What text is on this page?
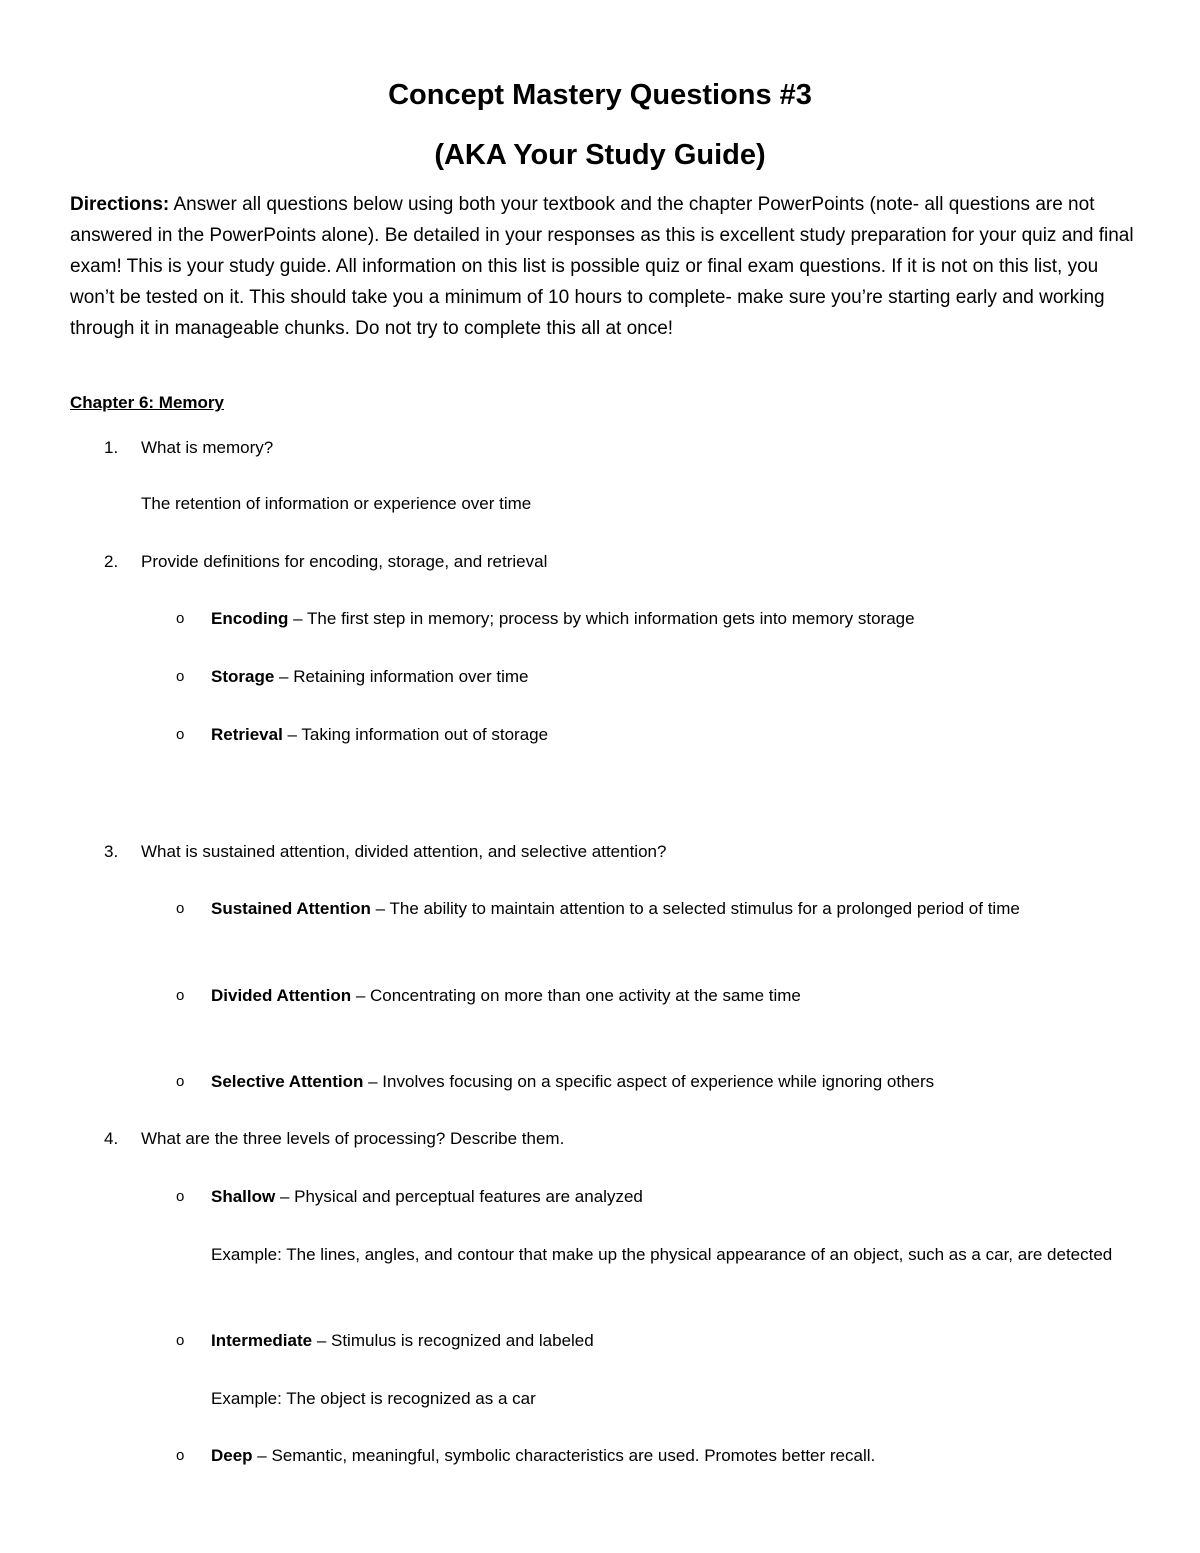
Concept Mastery Questions #3
(AKA Your Study Guide)
Directions: Answer all questions below using both your textbook and the chapter PowerPoints (note- all questions are not answered in the PowerPoints alone). Be detailed in your responses as this is excellent study preparation for your quiz and final exam! This is your study guide. All information on this list is possible quiz or final exam questions. If it is not on this list, you won’t be tested on it. This should take you a minimum of 10 hours to complete- make sure you’re starting early and working through it in manageable chunks. Do not try to complete this all at once!
Chapter 6: Memory
1. What is memory?
The retention of information or experience over time
2. Provide definitions for encoding, storage, and retrieval
o Encoding – The first step in memory; process by which information gets into memory storage
o Storage – Retaining information over time
o Retrieval – Taking information out of storage
3. What is sustained attention, divided attention, and selective attention?
o Sustained Attention – The ability to maintain attention to a selected stimulus for a prolonged period of time
o Divided Attention – Concentrating on more than one activity at the same time
o Selective Attention – Involves focusing on a specific aspect of experience while ignoring others
4. What are the three levels of processing? Describe them.
o Shallow – Physical and perceptual features are analyzed
Example: The lines, angles, and contour that make up the physical appearance of an object, such as a car, are detected
o Intermediate – Stimulus is recognized and labeled
Example: The object is recognized as a car
o Deep – Semantic, meaningful, symbolic characteristics are used. Promotes better recall.
